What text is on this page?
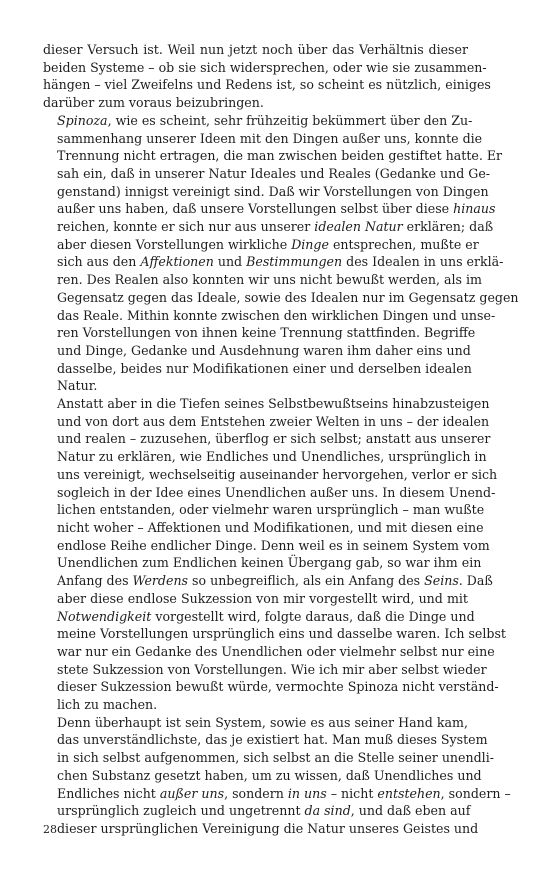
dieser Versuch ist. Weil nun jetzt noch über das Verhältnis dieser
beiden Systeme – ob sie sich widersprechen, oder wie sie zusammen-
hängen – viel Zweifelns und Redens ist, so scheint es nützlich, einiges
darüber zum voraus beizubringen.

Spinoza, wie es scheint, sehr frühzeitig bekümmert über den Zu-
sammenhang unserer Ideen mit den Dingen außer uns, konnte die
Trennung nicht ertragen, die man zwischen beiden gestiftet hatte. Er
sah ein, daß in unserer Natur Ideales und Reales (Gedanke und Ge-
genstand) innigst vereinigt sind. Daß wir Vorstellungen von Dingen
außer uns haben, daß unsere Vorstellungen selbst über diese hinaus
reichen, konnte er sich nur aus unserer idealen Natur erklären; daß
aber diesen Vorstellungen wirkliche Dinge entsprechen, mußte er
sich aus den Affektionen und Bestimmungen des Idealen in uns erklä-
ren. Des Realen also konnten wir uns nicht bewußt werden, als im
Gegensatz gegen das Ideale, sowie des Idealen nur im Gegensatz gegen
das Reale. Mithin konnte zwischen den wirklichen Dingen und unse-
ren Vorstellungen von ihnen keine Trennung stattfinden. Begriffe
und Dinge, Gedanke und Ausdehnung waren ihm daher eins und
dasselbe, beides nur Modifikationen einer und derselben idealen
Natur.

Anstatt aber in die Tiefen seines Selbstbewußtseins hinabzusteigen
und von dort aus dem Entstehen zweier Welten in uns – der idealen
und realen – zuzusehen, überflog er sich selbst; anstatt aus unserer
Natur zu erklären, wie Endliches und Unendliches, ursprünglich in
uns vereinigt, wechselseitig auseinander hervorgehen, verlor er sich
sogleich in der Idee eines Unendlichen außer uns. In diesem Unend-
lichen entstanden, oder vielmehr waren ursprünglich – man wußte
nicht woher – Affektionen und Modifikationen, und mit diesen eine
endlose Reihe endlicher Dinge. Denn weil es in seinem System vom
Unendlichen zum Endlichen keinen Übergang gab, so war ihm ein
Anfang des Werdens so unbegreiflich, als ein Anfang des Seins. Daß
aber diese endlose Sukzession von mir vorgestellt wird, und mit
Notwendigkeit vorgestellt wird, folgte daraus, daß die Dinge und
meine Vorstellungen ursprünglich eins und dasselbe waren. Ich selbst
war nur ein Gedanke des Unendlichen oder vielmehr selbst nur eine
stete Sukzession von Vorstellungen. Wie ich mir aber selbst wieder
dieser Sukzession bewußt würde, vermochte Spinoza nicht verständ-
lich zu machen.

Denn überhaupt ist sein System, sowie es aus seiner Hand kam,
das unverständlichste, das je existiert hat. Man muß dieses System
in sich selbst aufgenommen, sich selbst an die Stelle seiner unendli-
chen Substanz gesetzt haben, um zu wissen, daß Unendliches und
Endliches nicht außer uns, sondern in uns – nicht entstehen, sondern –
ursprünglich zugleich und ungetrennt da sind, und daß eben auf
dieser ursprünglichen Vereinigung die Natur unseres Geistes und

28
